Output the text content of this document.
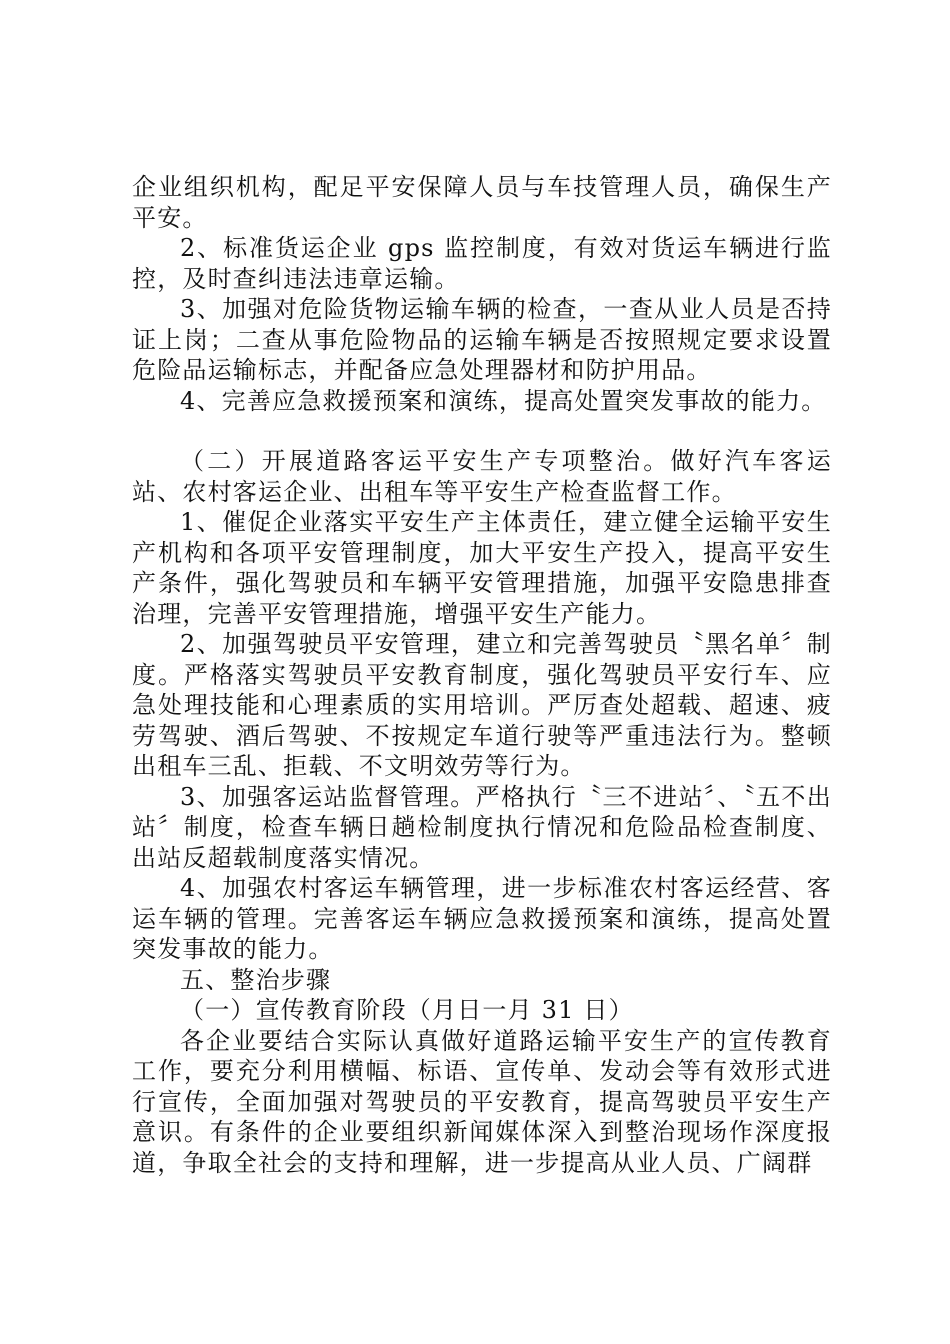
企业组织机构，配足平安保障人员与车技管理人员，确保生产平安。

2、标准货运企业 gps 监控制度，有效对货运车辆进行监控，及时查纠违法违章运输。

3、加强对危险货物运输车辆的检查，一查从业人员是否持证上岗；二查从事危险物品的运输车辆是否按照规定要求设置危险品运输标志，并配备应急处理器材和防护用品。

4、完善应急救援预案和演练，提高处置突发事故的能力。

（二）开展道路客运平安生产专项整治。做好汽车客运站、农村客运企业、出租车等平安生产检查监督工作。

1、催促企业落实平安生产主体责任，建立健全运输平安生产机构和各项平安管理制度，加大平安生产投入，提高平安生产条件，强化驾驶员和车辆平安管理措施，加强平安隐患排查治理，完善平安管理措施，增强平安生产能力。

2、加强驾驶员平安管理，建立和完善驾驶员〝黑名单〞制度。严格落实驾驶员平安教育制度，强化驾驶员平安行车、应急处理技能和心理素质的实用培训。严厉查处超载、超速、疲劳驾驶、酒后驾驶、不按规定车道行驶等严重违法行为。整顿出租车三乱、拒载、不文明效劳等行为。

3、加强客运站监督管理。严格执行〝三不进站〞、〝五不出站〞制度，检查车辆日趟检制度执行情况和危险品检查制度、出站反超载制度落实情况。

4、加强农村客运车辆管理，进一步标准农村客运经营、客运车辆的管理。完善客运车辆应急救援预案和演练，提高处置突发事故的能力。

五、整治步骤

（一）宣传教育阶段（月日一月 31 日）

各企业要结合实际认真做好道路运输平安生产的宣传教育工作，要充分利用横幅、标语、宣传单、发动会等有效形式进行宣传，全面加强对驾驶员的平安教育，提高驾驶员平安生产意识。有条件的企业要组织新闻媒体深入到整治现场作深度报道，争取全社会的支持和理解，进一步提高从业人员、广阔群
